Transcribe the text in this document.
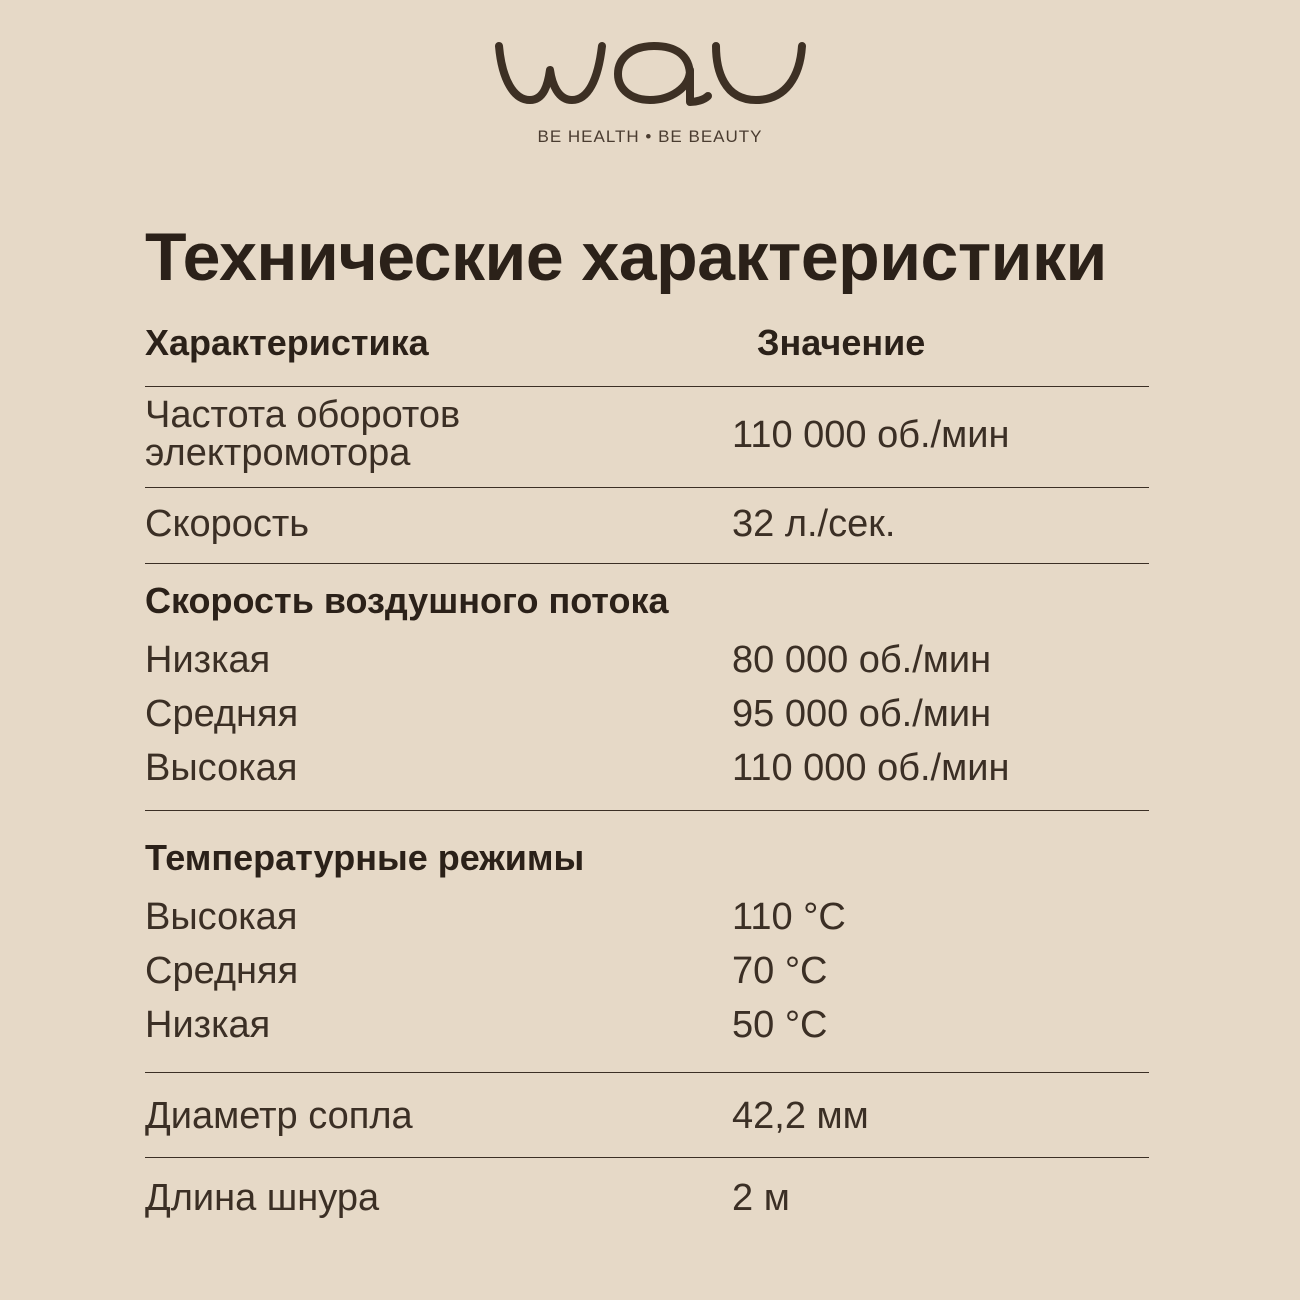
BE HEALTH • BE BEAUTY
Технические характеристики
Характеристика	Значение
Частота оборотов
электромотора	110 000 об./мин
Скорость	32 л./сек.
Скорость воздушного потока
Низкая	80 000 об./мин
Средняя	95 000 об./мин
Высокая	110 000 об./мин
Температурные режимы
Высокая	110 °C
Средняя	70 °C
Низкая	50 °C
Диаметр сопла	42,2 мм
Длина шнура	2 м
